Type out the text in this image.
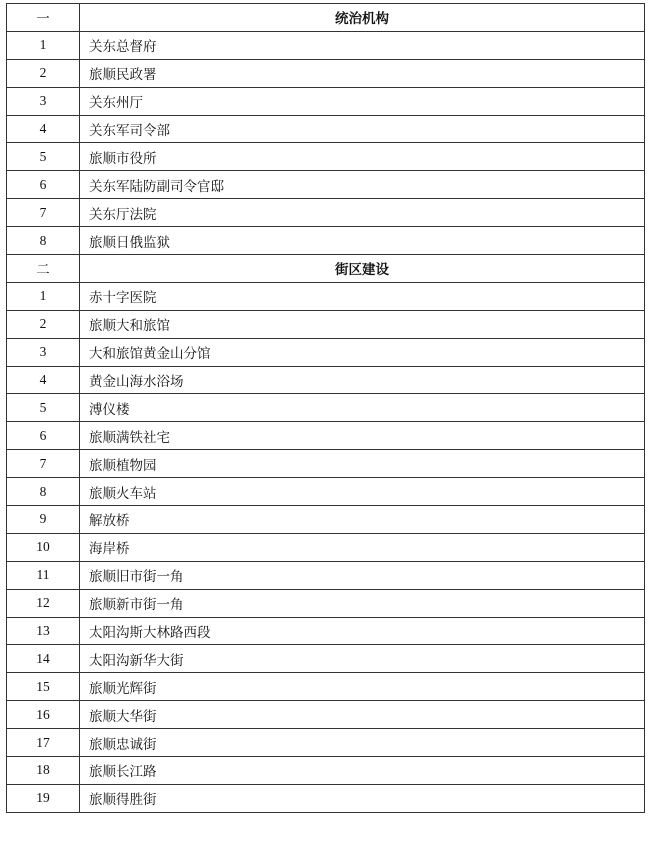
一	统治机构
1	关东总督府
2	旅顺民政署
3	关东州厅
4	关东军司令部
5	旅顺市役所
6	关东军陆防副司令官邸
7	关东厅法院
8	旅顺日俄监狱
二	街区建设
1	赤十字医院
2	旅顺大和旅馆
3	大和旅馆黄金山分馆
4	黄金山海水浴场
5	溥仪楼
6	旅顺满铁社宅
7	旅顺植物园
8	旅顺火车站
9	解放桥
10	海岸桥
11	旅顺旧市街一角
12	旅顺新市街一角
13	太阳沟斯大林路西段
14	太阳沟新华大街
15	旅顺光辉街
16	旅顺大华街
17	旅顺忠诚街
18	旅顺长江路
19	旅顺得胜街
